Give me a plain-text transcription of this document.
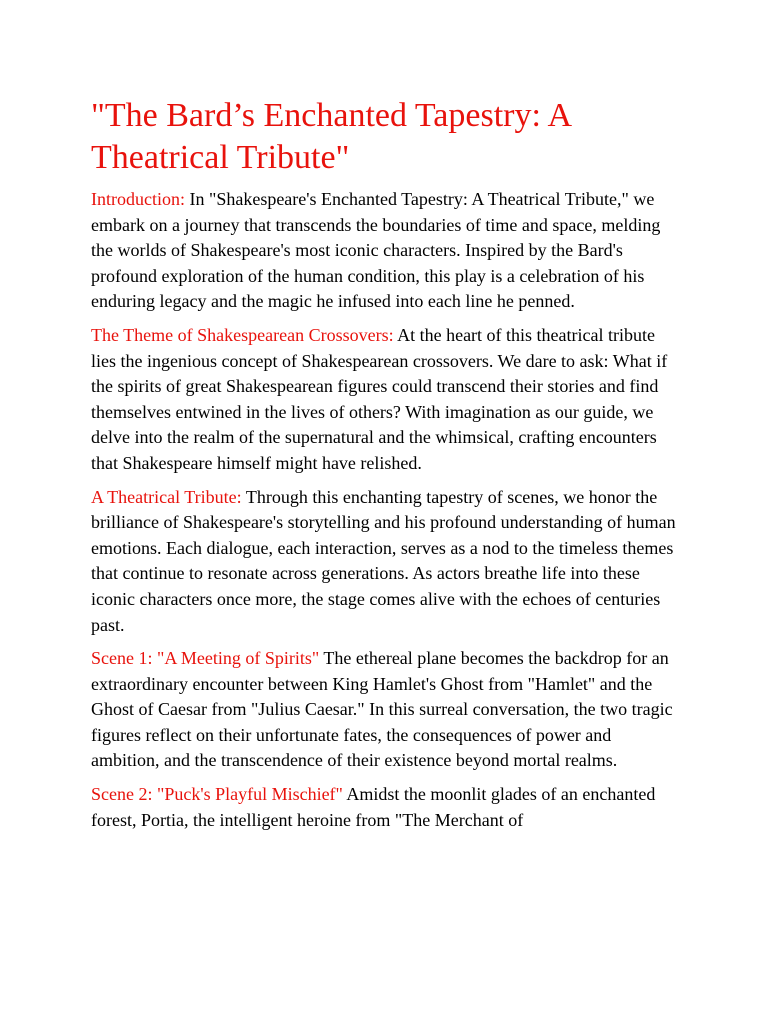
"The Bard’s Enchanted Tapestry: A Theatrical Tribute"

Introduction: In "Shakespeare's Enchanted Tapestry: A Theatrical Tribute," we embark on a journey that transcends the boundaries of time and space, melding the worlds of Shakespeare's most iconic characters. Inspired by the Bard's profound exploration of the human condition, this play is a celebration of his enduring legacy and the magic he infused into each line he penned.

The Theme of Shakespearean Crossovers: At the heart of this theatrical tribute lies the ingenious concept of Shakespearean crossovers. We dare to ask: What if the spirits of great Shakespearean figures could transcend their stories and find themselves entwined in the lives of others? With imagination as our guide, we delve into the realm of the supernatural and the whimsical, crafting encounters that Shakespeare himself might have relished.

A Theatrical Tribute: Through this enchanting tapestry of scenes, we honor the brilliance of Shakespeare's storytelling and his profound understanding of human emotions. Each dialogue, each interaction, serves as a nod to the timeless themes that continue to resonate across generations. As actors breathe life into these iconic characters once more, the stage comes alive with the echoes of centuries past.

Scene 1: "A Meeting of Spirits" The ethereal plane becomes the backdrop for an extraordinary encounter between King Hamlet's Ghost from "Hamlet" and the Ghost of Caesar from "Julius Caesar." In this surreal conversation, the two tragic figures reflect on their unfortunate fates, the consequences of power and ambition, and the transcendence of their existence beyond mortal realms.

Scene 2: "Puck's Playful Mischief" Amidst the moonlit glades of an enchanted forest, Portia, the intelligent heroine from "The Merchant of
